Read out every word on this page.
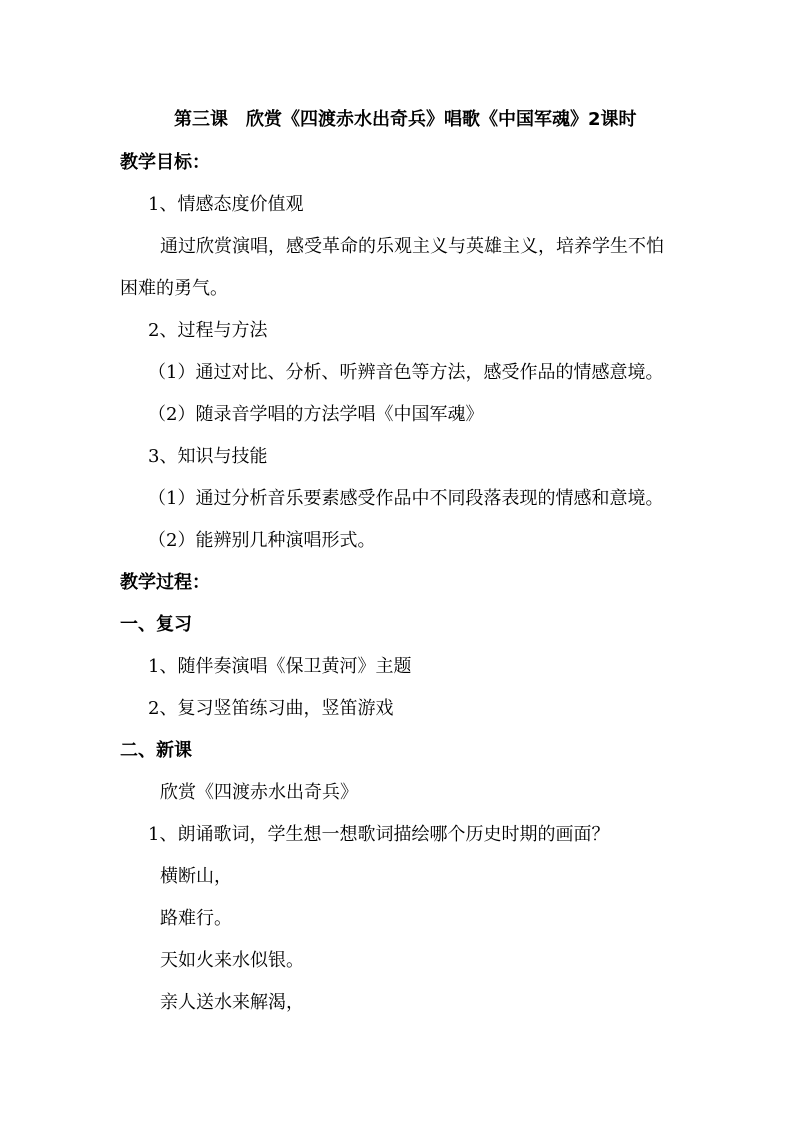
第三课　欣赏《四渡赤水出奇兵》唱歌《中国军魂》2课时
教学目标：
1、情感态度价值观
通过欣赏演唱，感受革命的乐观主义与英雄主义，培养学生不怕
困难的勇气。
2、过程与方法
（1）通过对比、分析、听辨音色等方法，感受作品的情感意境。
（2）随录音学唱的方法学唱《中国军魂》
3、知识与技能
（1）通过分析音乐要素感受作品中不同段落表现的情感和意境。
（2）能辨别几种演唱形式。
教学过程：
一、复习
1、随伴奏演唱《保卫黄河》主题
2、复习竖笛练习曲，竖笛游戏
二、新课
欣赏《四渡赤水出奇兵》
1、朗诵歌词，学生想一想歌词描绘哪个历史时期的画面？
横断山，
路难行。
天如火来水似银。
亲人送水来解渴，
